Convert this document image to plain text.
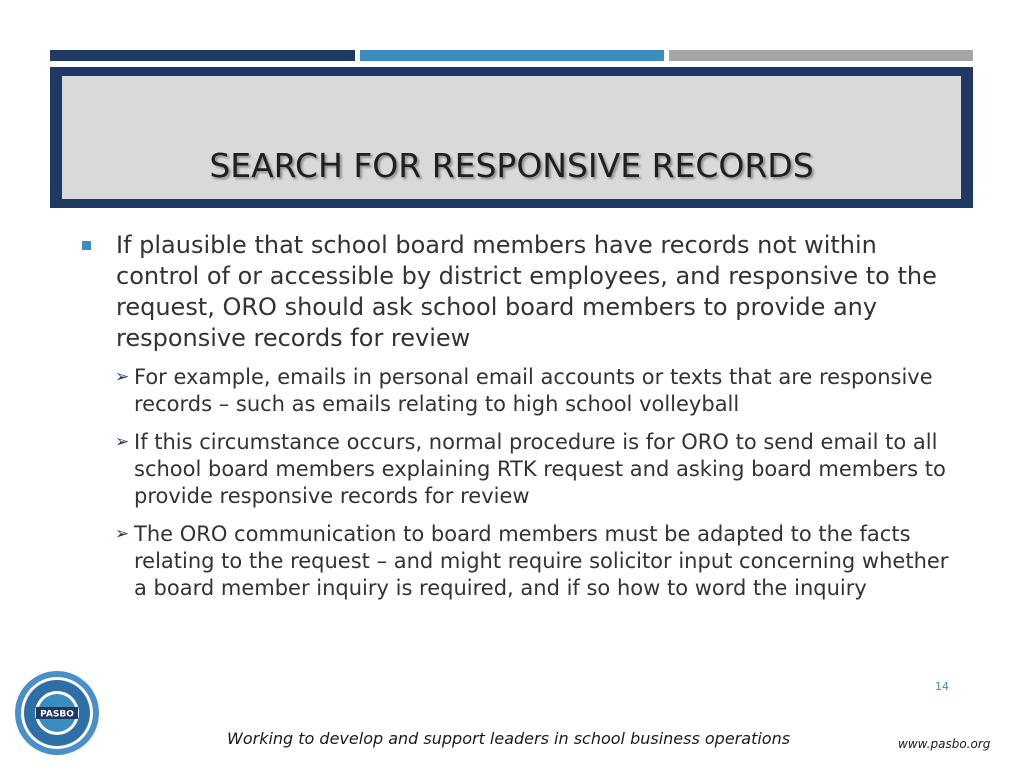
SEARCH FOR RESPONSIVE RECORDS
If plausible that school board members have records not within control of or accessible by district employees, and responsive to the request, ORO should ask school board members to provide any responsive records for review
➢ For example, emails in personal email accounts or texts that are responsive records – such as emails relating to high school volleyball
➢ If this circumstance occurs, normal procedure is for ORO to send email to all school board members explaining RTK request and asking board members to provide responsive records for review
➢ The ORO communication to board members must be adapted to the facts relating to the request – and might require solicitor input concerning whether a board member inquiry is required, and if so how to word the inquiry
14
PASBO
Working to develop and support leaders in school business operations	www.pasbo.org
